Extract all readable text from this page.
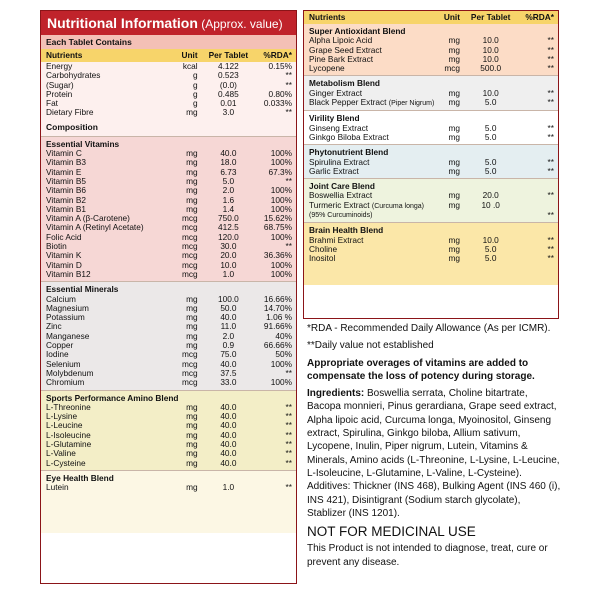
Nutritional Information (Approx. value)
Each Tablet Contains
Nutrients	Unit	Per Tablet	%RDA*
Energy	kcal	4.122	0.15%
Carbohydrates	g	0.523	**
(Sugar)	g	(0.0)	**
Protein	g	0.485	0.80%
Fat	g	0.01	0.033%
Dietary Fibre	mg	3.0	**
Composition
Essential Vitamins			
Vitamin C	mg	40.0	100%
Vitamin B3	mg	18.0	100%
Vitamin E	mg	6.73	67.3%
Vitamin B5	mg	5.0	**
Vitamin B6	mg	2.0	100%
Vitamin B2	mg	1.6	100%
Vitamin B1	mg	1.4	100%
Vitamin A (β-Carotene)	mcg	750.0	15.62%
Vitamin A (Retinyl Acetate)	mcg	412.5	68.75%
Folic Acid	mcg	120.0	100%
Biotin	mcg	30.0	**
Vitamin K	mcg	20.0	36.36%
Vitamin D	mcg	10.0	100%
Vitamin B12	mcg	1.0	100%
Essential Minerals			
Calcium	mg	100.0	16.66%
Magnesium	mg	50.0	14.70%
Potassium	mg	40.0	1.06 %
Zinc	mg	11.0	91.66%
Manganese	mg	2.0	40%
Copper	mg	0.9	66.66%
Iodine	mcg	75.0	50%
Selenium	mcg	40.0	100%
Molybdenum	mcg	37.5	**
Chromium	mcg	33.0	100%
Sports Performance Amino Blend			
L-Threonine	mg	40.0	**
L-Lysine	mg	40.0	**
L-Leucine	mg	40.0	**
L-Isoleucine	mg	40.0	**
L-Glutamine	mg	40.0	**
L-Valine	mg	40.0	**
L-Cysteine	mg	40.0	**
Eye Health Blend
Lutein	mg	1.0	**
Nutrients	Unit	Per Tablet	%RDA*
Super Antioxidant Blend			
Alpha Lipoic Acid	mg	10.0	**
Grape Seed Extract	mg	10.0	**
Pine Bark Extract	mg	10.0	**
Lycopene	mcg	500.0	**
Metabolism Blend			
Ginger Extract	mg	10.0	**
Black Pepper Extract (Piper Nigrum)	mg	5.0	**
Virility Blend			
Ginseng Extract	mg	5.0	**
Ginkgo Biloba Extract	mg	5.0	**
Phytonutrient Blend			
Spirulina Extract	mg	5.0	**
Garlic Extract	mg	5.0	**
Joint Care Blend			
Boswellia Extract	mg	20.0	**
Turmeric Extract (Curcuma longa)	mg	10 .0	
(95% Curcuminoids)			**
Brain Health Blend			
Brahmi Extract	mg	10.0	**
Choline	mg	5.0	**
Inositol	mg	5.0	**

*RDA - Recommended Daily Allowance (As per ICMR).

**Daily value not established

Appropriate overages of vitamins are added to compensate the loss of potency during storage.

Ingredients: Boswellia serrata, Choline bitartrate, Bacopa monnieri, Pinus gerardiana, Grape seed extract, Alpha lipoic acid, Curcuma longa, Myoinositol, Ginseng extract, Spirulina, Ginkgo biloba, Allium sativum, Lycopene, Inulin, Piper nigrum, Lutein, Vitamins & Minerals, Amino acids (L-Threonine, L-Lysine, L-Leucine, L-Isoleucine, L-Glutamine, L-Valine, L-Cysteine). Additives: Thickner (INS 468), Bulking Agent (INS 460 (i), INS 421), Disintigrant (Sodium starch glycolate), Stablizer (INS 1201).

NOT FOR MEDICINAL USE

This Product is not intended to diagnose, treat, cure or prevent any disease.
